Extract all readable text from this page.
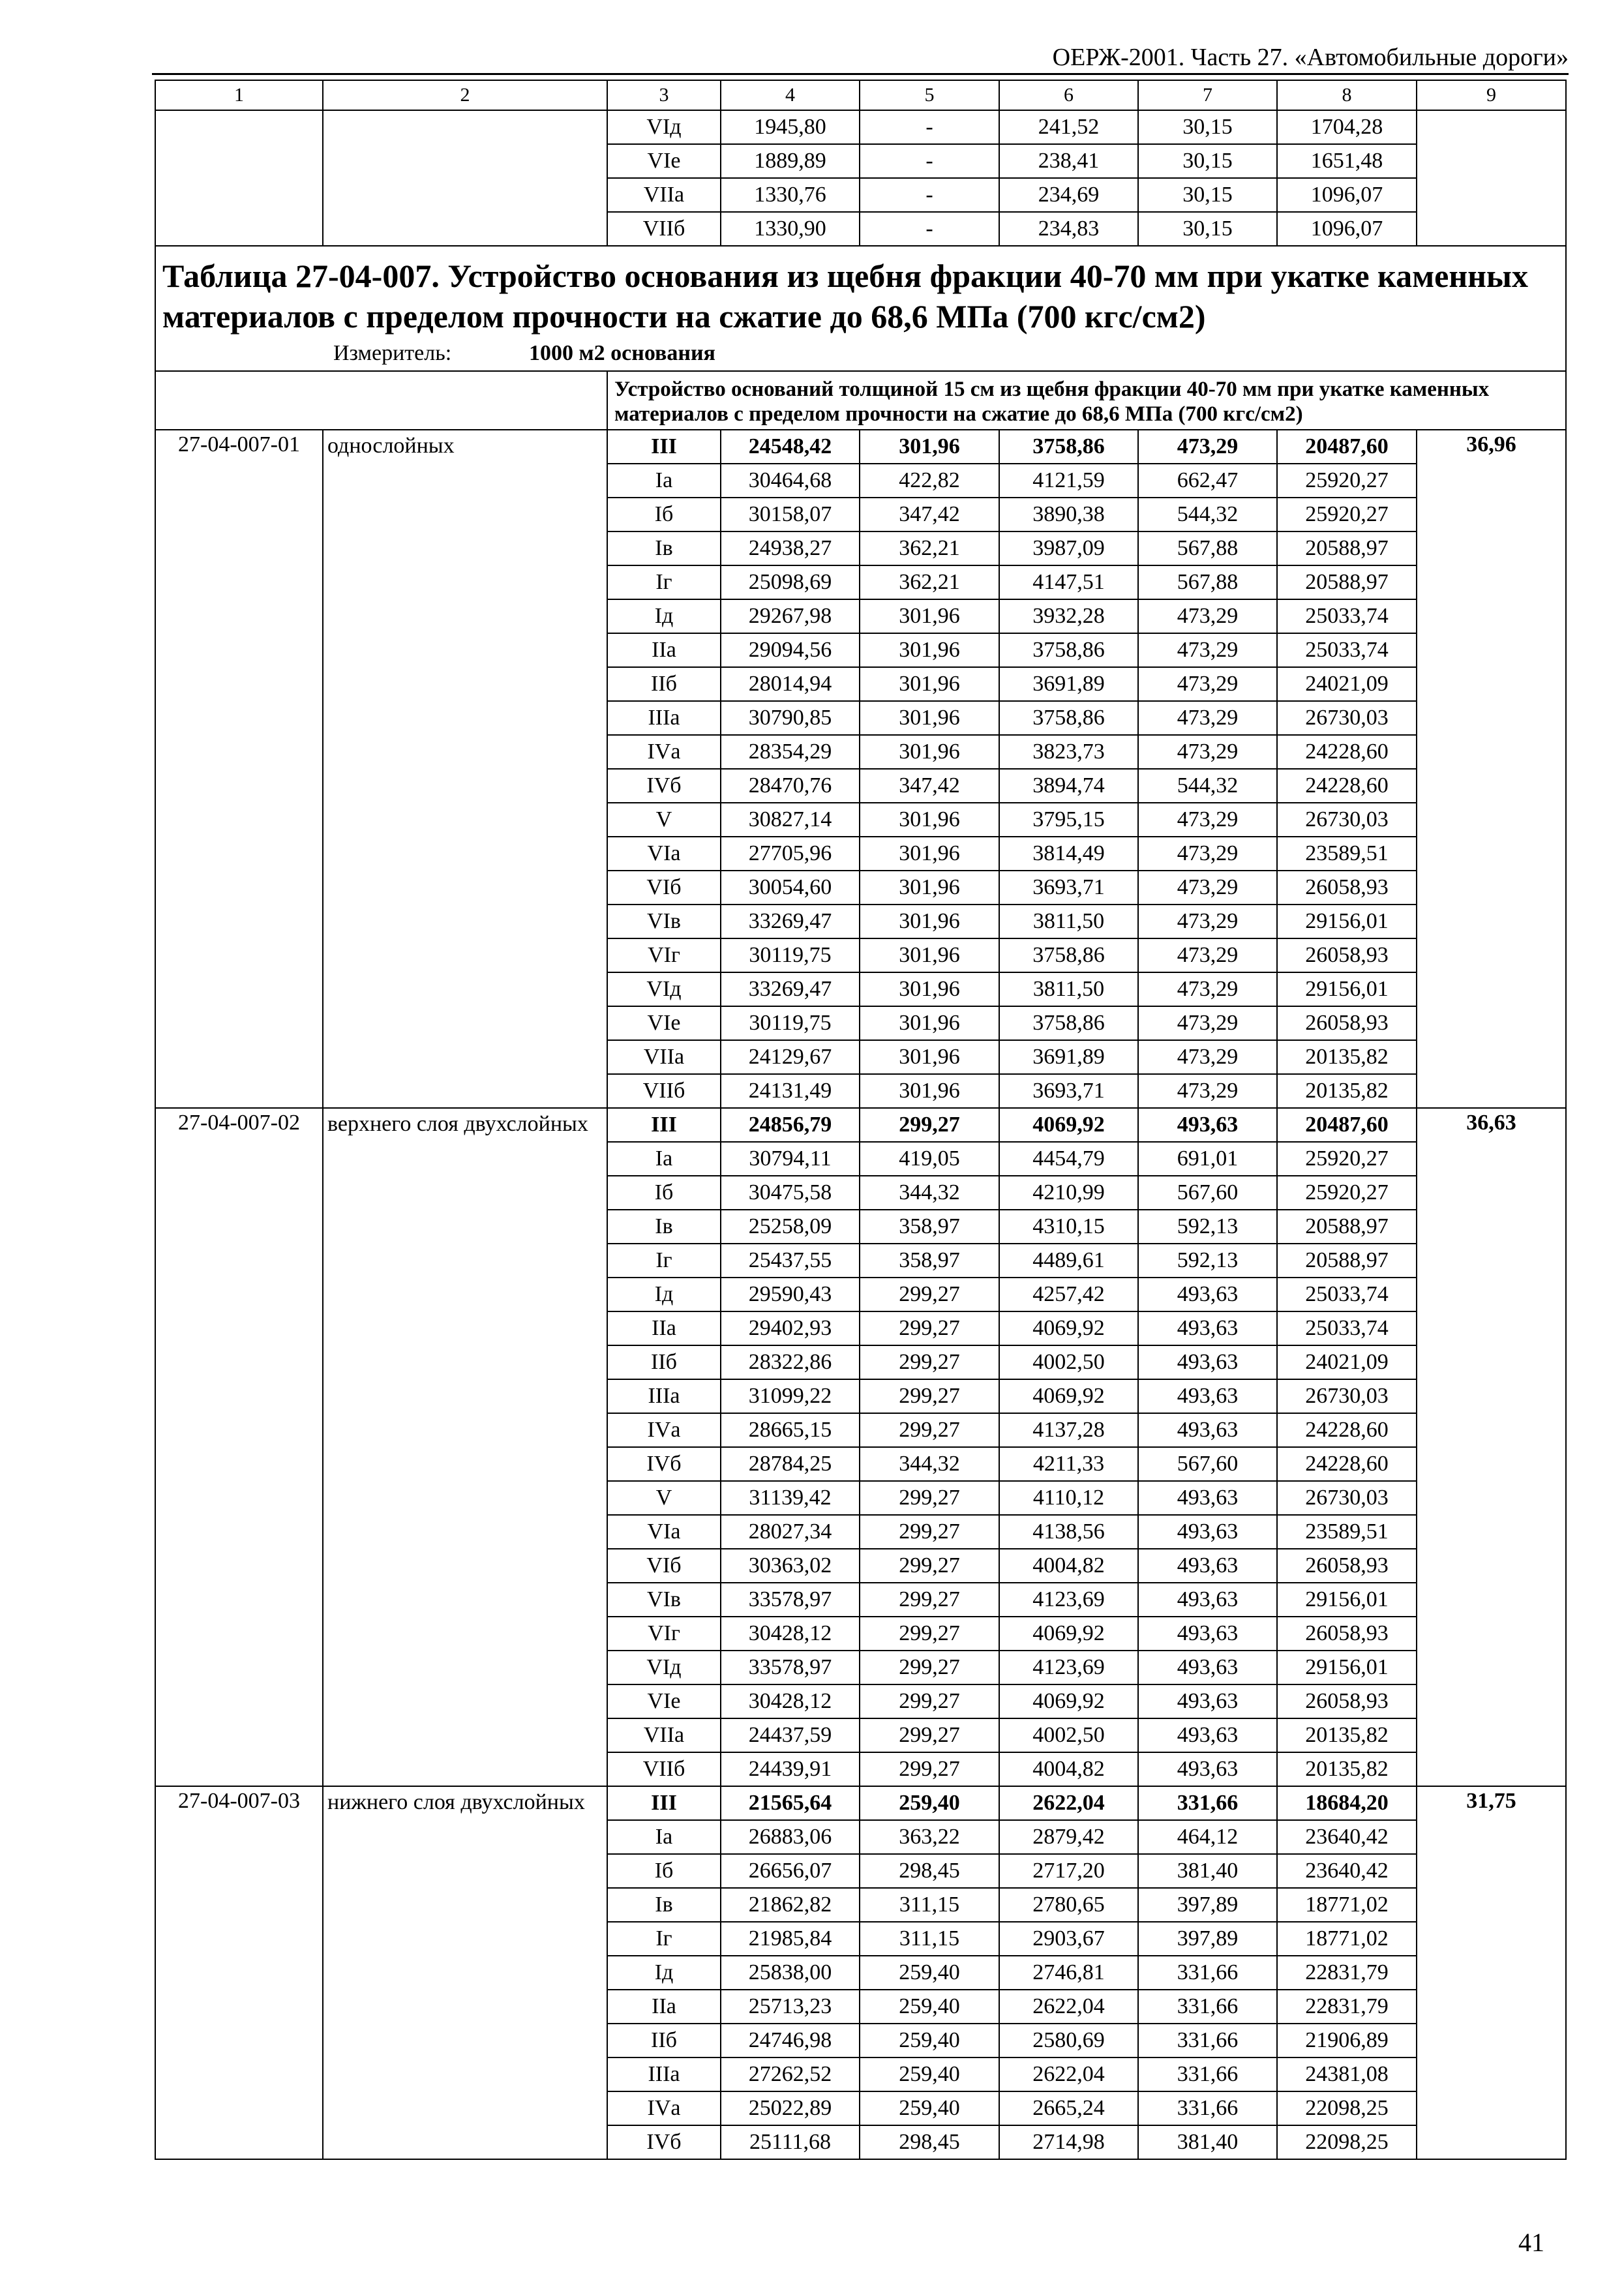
ОЕРЖ-2001. Часть 27. «Автомобильные дороги»
1	2	3	4	5	6	7	8	9
		VIд	1945,80	-	241,52	30,15	1704,28	
		VIе	1889,89	-	238,41	30,15	1651,48	
		VIIа	1330,76	-	234,69	30,15	1096,07	
		VIIб	1330,90	-	234,83	30,15	1096,07	

Таблица 27-04-007. Устройство основания из щебня фракции 40-70 мм при укатке каменных материалов с пределом прочности на сжатие до 68,6 МПа (700 кгс/см2)
Измеритель: 1000 м2 основания								

		Устройство оснований толщиной 15 см из щебня фракции 40-70 мм при укатке каменных материалов с пределом прочности на сжатие до 68,6 МПа (700 кгс/см2)						
27-04-007-01	однослойных	III	24548,42	301,96	3758,86	473,29	20487,60	36,96
		Iа	30464,68	422,82	4121,59	662,47	25920,27	
		Iб	30158,07	347,42	3890,38	544,32	25920,27	
		Iв	24938,27	362,21	3987,09	567,88	20588,97	
		Iг	25098,69	362,21	4147,51	567,88	20588,97	
		Iд	29267,98	301,96	3932,28	473,29	25033,74	
		IIа	29094,56	301,96	3758,86	473,29	25033,74	
		IIб	28014,94	301,96	3691,89	473,29	24021,09	
		IIIа	30790,85	301,96	3758,86	473,29	26730,03	
		IVа	28354,29	301,96	3823,73	473,29	24228,60	
		IVб	28470,76	347,42	3894,74	544,32	24228,60	
		V	30827,14	301,96	3795,15	473,29	26730,03	
		VIа	27705,96	301,96	3814,49	473,29	23589,51	
		VIб	30054,60	301,96	3693,71	473,29	26058,93	
		VIв	33269,47	301,96	3811,50	473,29	29156,01	
		VIг	30119,75	301,96	3758,86	473,29	26058,93	
		VIд	33269,47	301,96	3811,50	473,29	29156,01	
		VIе	30119,75	301,96	3758,86	473,29	26058,93	
		VIIа	24129,67	301,96	3691,89	473,29	20135,82	
		VIIб	24131,49	301,96	3693,71	473,29	20135,82	
27-04-007-02	верхнего слоя двухслойных	III	24856,79	299,27	4069,92	493,63	20487,60	36,63
		Iа	30794,11	419,05	4454,79	691,01	25920,27	
		Iб	30475,58	344,32	4210,99	567,60	25920,27	
		Iв	25258,09	358,97	4310,15	592,13	20588,97	
		Iг	25437,55	358,97	4489,61	592,13	20588,97	
		Iд	29590,43	299,27	4257,42	493,63	25033,74	
		IIа	29402,93	299,27	4069,92	493,63	25033,74	
		IIб	28322,86	299,27	4002,50	493,63	24021,09	
		IIIа	31099,22	299,27	4069,92	493,63	26730,03	
		IVа	28665,15	299,27	4137,28	493,63	24228,60	
		IVб	28784,25	344,32	4211,33	567,60	24228,60	
		V	31139,42	299,27	4110,12	493,63	26730,03	
		VIа	28027,34	299,27	4138,56	493,63	23589,51	
		VIб	30363,02	299,27	4004,82	493,63	26058,93	
		VIв	33578,97	299,27	4123,69	493,63	29156,01	
		VIг	30428,12	299,27	4069,92	493,63	26058,93	
		VIд	33578,97	299,27	4123,69	493,63	29156,01	
		VIе	30428,12	299,27	4069,92	493,63	26058,93	
		VIIа	24437,59	299,27	4002,50	493,63	20135,82	
		VIIб	24439,91	299,27	4004,82	493,63	20135,82	
27-04-007-03	нижнего слоя двухслойных	III	21565,64	259,40	2622,04	331,66	18684,20	31,75
		Iа	26883,06	363,22	2879,42	464,12	23640,42	
		Iб	26656,07	298,45	2717,20	381,40	23640,42	
		Iв	21862,82	311,15	2780,65	397,89	18771,02	
		Iг	21985,84	311,15	2903,67	397,89	18771,02	
		Iд	25838,00	259,40	2746,81	331,66	22831,79	
		IIа	25713,23	259,40	2622,04	331,66	22831,79	
		IIб	24746,98	259,40	2580,69	331,66	21906,89	
		IIIа	27262,52	259,40	2622,04	331,66	24381,08	
		IVа	25022,89	259,40	2665,24	331,66	22098,25	
		IVб	25111,68	298,45	2714,98	381,40	22098,25	
41
